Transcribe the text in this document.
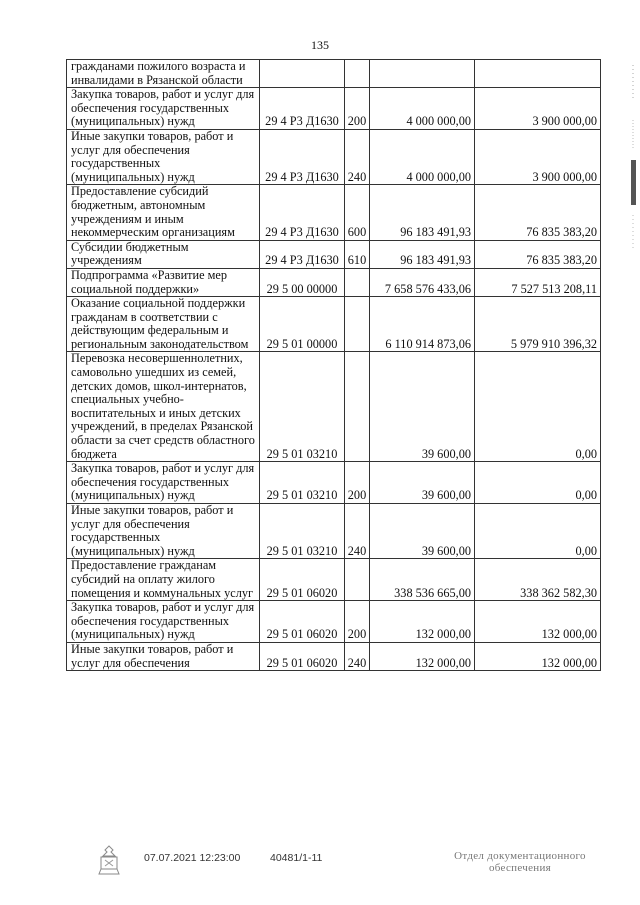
135
гражданами пожилого возраста и инвалидами в Рязанской области				
Закупка товаров, работ и услуг для обеспечения государственных (муниципальных) нужд	29 4 P3 Д1630	200	4 000 000,00	3 900 000,00
Иные закупки товаров, работ и услуг для обеспечения государственных (муниципальных) нужд	29 4 P3 Д1630	240	4 000 000,00	3 900 000,00
Предоставление субсидий бюджетным, автономным учреждениям и иным некоммерческим организациям	29 4 P3 Д1630	600	96 183 491,93	76 835 383,20
Субсидии бюджетным учреждениям	29 4 P3 Д1630	610	96 183 491,93	76 835 383,20
Подпрограмма «Развитие мер социальной поддержки»	29 5 00 00000		7 658 576 433,06	7 527 513 208,11
Оказание социальной поддержки гражданам в соответствии с действующим федеральным и региональным законодательством	29 5 01 00000		6 110 914 873,06	5 979 910 396,32
Перевозка несовершеннолетних, самовольно ушедших из семей, детских домов, школ-интернатов, специальных учебно-воспитательных и иных детских учреждений, в пределах Рязанской области за счет средств областного бюджета	29 5 01 03210		39 600,00	0,00
Закупка товаров, работ и услуг для обеспечения государственных (муниципальных) нужд	29 5 01 03210	200	39 600,00	0,00
Иные закупки товаров, работ и услуг для обеспечения государственных (муниципальных) нужд	29 5 01 03210	240	39 600,00	0,00
Предоставление гражданам субсидий на оплату жилого помещения и коммунальных услуг	29 5 01 06020		338 536 665,00	338 362 582,30
Закупка товаров, работ и услуг для обеспечения государственных (муниципальных) нужд	29 5 01 06020	200	132 000,00	132 000,00
Иные закупки товаров, работ и услуг для обеспечения	29 5 01 06020	240	132 000,00	132 000,00
07.07.2021 12:23:00	40481/1-11	Отдел документационного
обеспечения
